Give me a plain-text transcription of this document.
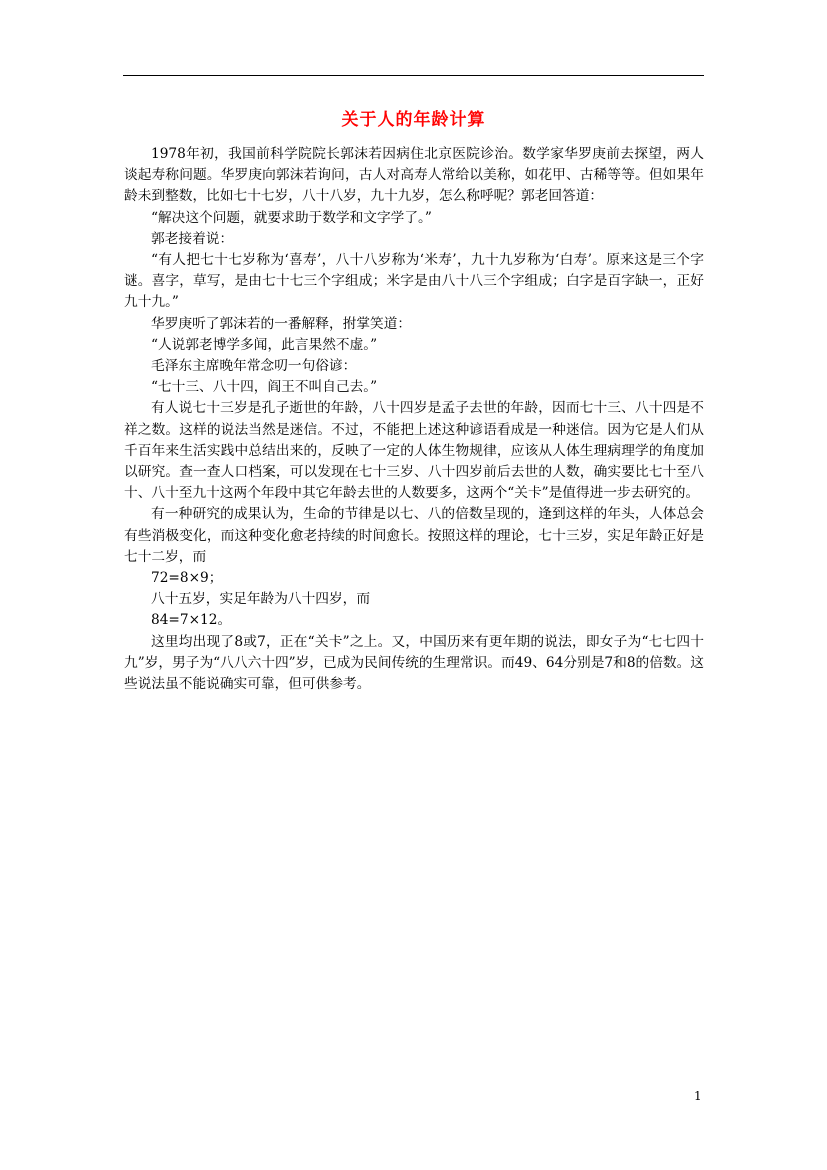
关于人的年龄计算

1978年初，我国前科学院院长郭沫若因病住北京医院诊治。数学家华罗庚前去探望，两人谈起寿称问题。华罗庚向郭沫若询问，古人对高寿人常给以美称，如花甲、古稀等等。但如果年龄未到整数，比如七十七岁，八十八岁，九十九岁，怎么称呼呢？郭老回答道：

“解决这个问题，就要求助于数学和文字学了。”

郭老接着说：

“有人把七十七岁称为‘喜寿’，八十八岁称为‘米寿’，九十九岁称为‘白寿’。原来这是三个字谜。喜字，草写，是由七十七三个字组成；米字是由八十八三个字组成；白字是百字缺一，正好九十九。”

华罗庚听了郭沫若的一番解释，拊掌笑道：

“人说郭老博学多闻，此言果然不虚。”

毛泽东主席晚年常念叨一句俗谚：

“七十三、八十四，阎王不叫自己去。”

有人说七十三岁是孔子逝世的年龄，八十四岁是孟子去世的年龄，因而七十三、八十四是不祥之数。这样的说法当然是迷信。不过，不能把上述这种谚语看成是一种迷信。因为它是人们从千百年来生活实践中总结出来的，反映了一定的人体生物规律，应该从人体生理病理学的角度加以研究。查一查人口档案，可以发现在七十三岁、八十四岁前后去世的人数，确实要比七十至八十、八十至九十这两个年段中其它年龄去世的人数要多，这两个“关卡”是值得进一步去研究的。

有一种研究的成果认为，生命的节律是以七、八的倍数呈现的，逢到这样的年头，人体总会有些消极变化，而这种变化愈老持续的时间愈长。按照这样的理论，七十三岁，实足年龄正好是七十二岁，而

72=8×9；

八十五岁，实足年龄为八十四岁，而

84=7×12。

这里均出现了8或7，正在“关卡”之上。又，中国历来有更年期的说法，即女子为“七七四十九”岁，男子为“八八六十四”岁，已成为民间传统的生理常识。而49、64分别是7和8的倍数。这些说法虽不能说确实可靠，但可供参考。

1
